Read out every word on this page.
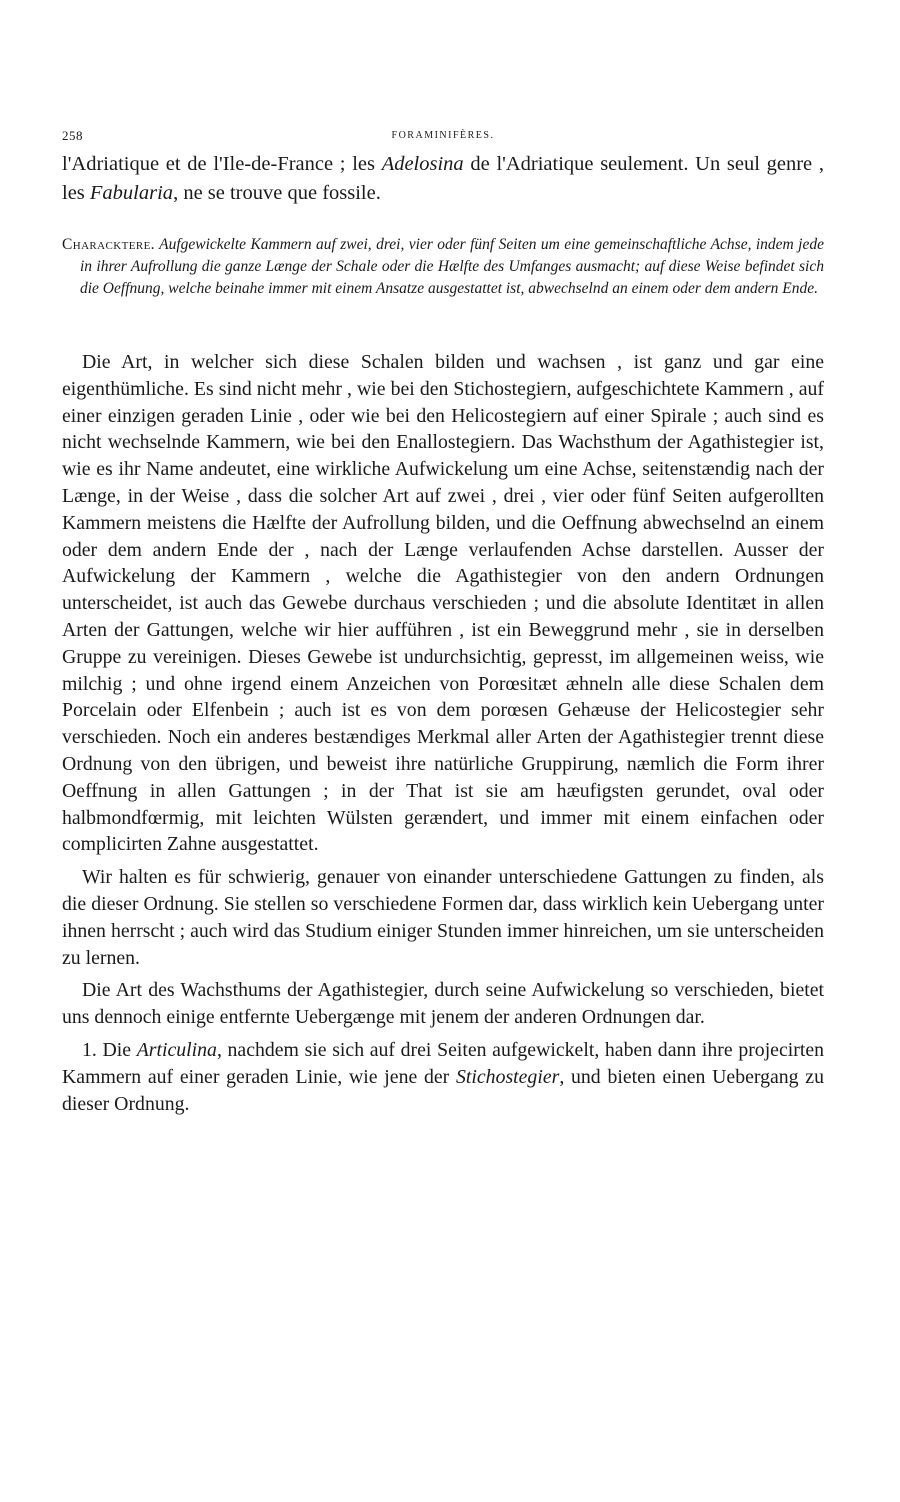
258	FORAMINIFÈRES.
l'Adriatique et de l'Ile-de-France ; les Adelosina de l'Adriatique seulement. Un seul genre , les Fabularia, ne se trouve que fossile.
Characktere. Aufgewickelte Kammern auf zwei, drei, vier oder fünf Seiten um eine gemeinschaftliche Achse, indem jede in ihrer Aufrollung die ganze Længe der Schale oder die Hælfte des Umfanges ausmacht; auf diese Weise befindet sich die Oeffnung, welche beinahe immer mit einem Ansatze ausgestattet ist, abwechselnd an einem oder dem andern Ende.

Die Art, in welcher sich diese Schalen bilden und wachsen , ist ganz und gar eine eigenthümliche. Es sind nicht mehr , wie bei den Stichostegiern, aufgeschichtete Kammern , auf einer einzigen geraden Linie , oder wie bei den Helicostegiern auf einer Spirale ; auch sind es nicht wechselnde Kammern, wie bei den Enallostegiern. Das Wachsthum der Agathistegier ist, wie es ihr Name andeutet, eine wirkliche Aufwickelung um eine Achse, seitenstændig nach der Længe, in der Weise , dass die solcher Art auf zwei , drei , vier oder fünf Seiten aufgerollten Kammern meistens die Hælfte der Aufrollung bilden, und die Oeffnung abwechselnd an einem oder dem andern Ende der , nach der Længe verlaufenden Achse darstellen. Ausser der Aufwickelung der Kammern , welche die Agathistegier von den andern Ordnungen unterscheidet, ist auch das Gewebe durchaus verschieden ; und die absolute Identitæt in allen Arten der Gattungen, welche wir hier aufführen , ist ein Beweggrund mehr , sie in derselben Gruppe zu vereinigen. Dieses Gewebe ist undurchsichtig, gepresst, im allgemeinen weiss, wie milchig ; und ohne irgend einem Anzeichen von Porœsitæt æhneln alle diese Schalen dem Porcelain oder Elfenbein ; auch ist es von dem porœsen Gehæuse der Helicostegier sehr verschieden. Noch ein anderes bestændiges Merkmal aller Arten der Agathistegier trennt diese Ordnung von den übrigen, und beweist ihre natürliche Gruppirung, næmlich die Form ihrer Oeffnung in allen Gattungen ; in der That ist sie am hæufigsten gerundet, oval oder halbmondfœrmig, mit leichten Wülsten gerændert, und immer mit einem einfachen oder complicirten Zahne ausgestattet.

Wir halten es für schwierig, genauer von einander unterschiedene Gattungen zu finden, als die dieser Ordnung. Sie stellen so verschiedene Formen dar, dass wirklich kein Uebergang unter ihnen herrscht ; auch wird das Studium einiger Stunden immer hinreichen, um sie unterscheiden zu lernen.

Die Art des Wachsthums der Agathistegier, durch seine Aufwickelung so verschieden, bietet uns dennoch einige entfernte Uebergænge mit jenem der anderen Ordnungen dar.

1. Die Articulina, nachdem sie sich auf drei Seiten aufgewickelt, haben dann ihre projecirten Kammern auf einer geraden Linie, wie jene der Stichostegier, und bieten einen Uebergang zu dieser Ordnung.
